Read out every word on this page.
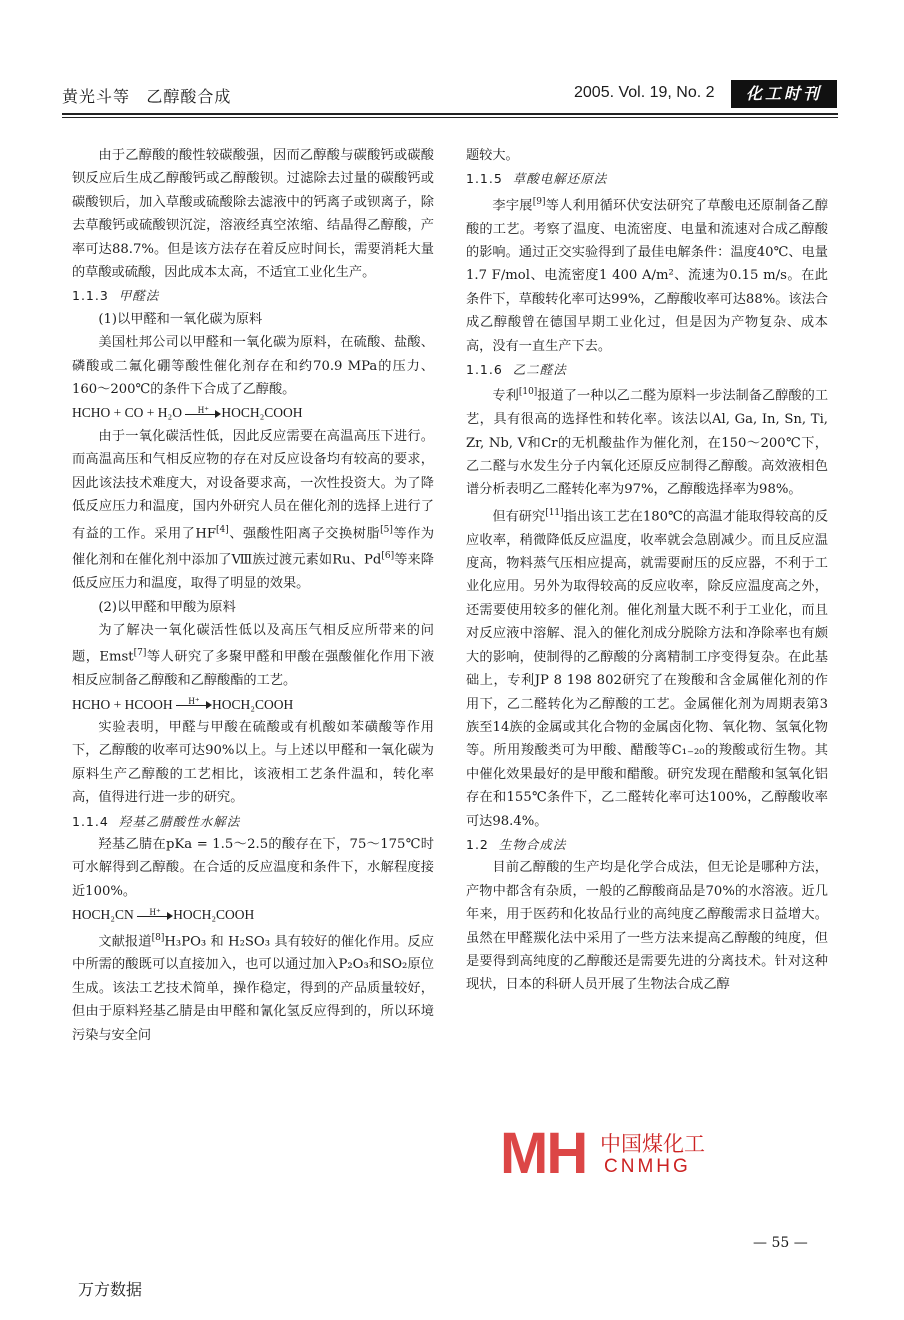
黄光斗等 乙醇酸合成	2005. Vol. 19, No. 2	化工时刊

由于乙醇酸的酸性较碳酸强，因而乙醇酸与碳酸钙或碳酸钡反应后生成乙醇酸钙或乙醇酸钡。过滤除去过量的碳酸钙或碳酸钡后，加入草酸或硫酸除去滤液中的钙离子或钡离子，除去草酸钙或硫酸钡沉淀，溶液经真空浓缩、结晶得乙醇酸，产率可达88.7%。但是该方法存在着反应时间长，需要消耗大量的草酸或硫酸，因此成本太高，不适宜工业化生产。

1.1.3 甲醛法

(1)以甲醛和一氧化碳为原料

美国杜邦公司以甲醛和一氧化碳为原料，在硫酸、盐酸、磷酸或二氟化硼等酸性催化剂存在和约70.9 MPa的压力、160～200℃的条件下合成了乙醇酸。

HCHO + CO + H₂O	H⁺ HOCH₂COOH

由于一氧化碳活性低，因此反应需要在高温高压下进行。而高温高压和气相反应物的存在对反应设备均有较高的要求，因此该法技术难度大，对设备要求高，一次性投资大。为了降低反应压力和温度，国内外研究人员在催化剂的选择上进行了有益的工作。采用了HF[4]、强酸性阳离子交换树脂[5]等作为催化剂和在催化剂中添加了Ⅷ族过渡元素如Ru、Pd[6]等来降低反应压力和温度，取得了明显的效果。

(2)以甲醛和甲酸为原料

为了解决一氧化碳活性低以及高压气相反应所带来的问题，Emst[7]等人研究了多聚甲醛和甲酸在强酸催化作用下液相反应制备乙醇酸和乙醇酸酯的工艺。

HCHO + HCOOH	H⁺ HOCH₂COOH

实验表明，甲醛与甲酸在硫酸或有机酸如苯磺酸等作用下，乙醇酸的收率可达90%以上。与上述以甲醛和一氧化碳为原料生产乙醇酸的工艺相比，该液相工艺条件温和，转化率高，值得进行进一步的研究。

1.1.4 羟基乙腈酸性水解法

羟基乙腈在pKa = 1.5～2.5的酸存在下，75～175℃时可水解得到乙醇酸。在合适的反应温度和条件下，水解程度接近100%。

HOCH₂CN	H⁺ HOCH₂COOH

文献报道[8]H₃PO₃ 和 H₂SO₃ 具有较好的催化作用。反应中所需的酸既可以直接加入，也可以通过加入P₂O₃和SO₂原位生成。该法工艺技术简单，操作稳定，得到的产品质量较好，但由于原料羟基乙腈是由甲醛和氰化氢反应得到的，所以环境污染与安全问

题较大。

1.1.5 草酸电解还原法

李宇展[9]等人利用循环伏安法研究了草酸电还原制备乙醇酸的工艺。考察了温度、电流密度、电量和流速对合成乙醇酸的影响。通过正交实验得到了最佳电解条件：温度40℃、电量1.7 F/mol、电流密度1 400 A/m²、流速为0.15 m/s。在此条件下，草酸转化率可达99%，乙醇酸收率可达88%。该法合成乙醇酸曾在德国早期工业化过，但是因为产物复杂、成本高，没有一直生产下去。

1.1.6 乙二醛法

专利[10]报道了一种以乙二醛为原料一步法制备乙醇酸的工艺，具有很高的选择性和转化率。该法以Al, Ga, In, Sn, Ti, Zr, Nb, V和Cr的无机酸盐作为催化剂，在150～200℃下，乙二醛与水发生分子内氧化还原反应制得乙醇酸。高效液相色谱分析表明乙二醛转化率为97%，乙醇酸选择率为98%。

但有研究[11]指出该工艺在180℃的高温才能取得较高的反应收率，稍微降低反应温度，收率就会急剧减少。而且反应温度高，物料蒸气压相应提高，就需要耐压的反应器，不利于工业化应用。另外为取得较高的反应收率，除反应温度高之外，还需要使用较多的催化剂。催化剂量大既不利于工业化，而且对反应液中溶解、混入的催化剂成分脱除方法和净除率也有颇大的影响，使制得的乙醇酸的分离精制工序变得复杂。在此基础上，专利JP 8 198 802研究了在羧酸和含金属催化剂的作用下，乙二醛转化为乙醇酸的工艺。金属催化剂为周期表第3族至14族的金属或其化合物的金属卤化物、氧化物、氢氧化物等。所用羧酸类可为甲酸、醋酸等C₁₋₂₀的羧酸或衍生物。其中催化效果最好的是甲酸和醋酸。研究发现在醋酸和氢氧化铝存在和155℃条件下，乙二醛转化率可达100%，乙醇酸收率可达98.4%。

1.2 生物合成法

目前乙醇酸的生产均是化学合成法，但无论是哪种方法，产物中都含有杂质，一般的乙醇酸商品是70%的水溶液。近几年来，用于医药和化妆品行业的高纯度乙醇酸需求日益增大。虽然在甲醛羰化法中采用了一些方法来提高乙醇酸的纯度，但是要得到高纯度的乙醇酸还是需要先进的分离技术。针对这种现状，日本的科研人员开展了生物法合成乙醇

MH 中国煤化工
CNMHG
— 55 —
万方数据
